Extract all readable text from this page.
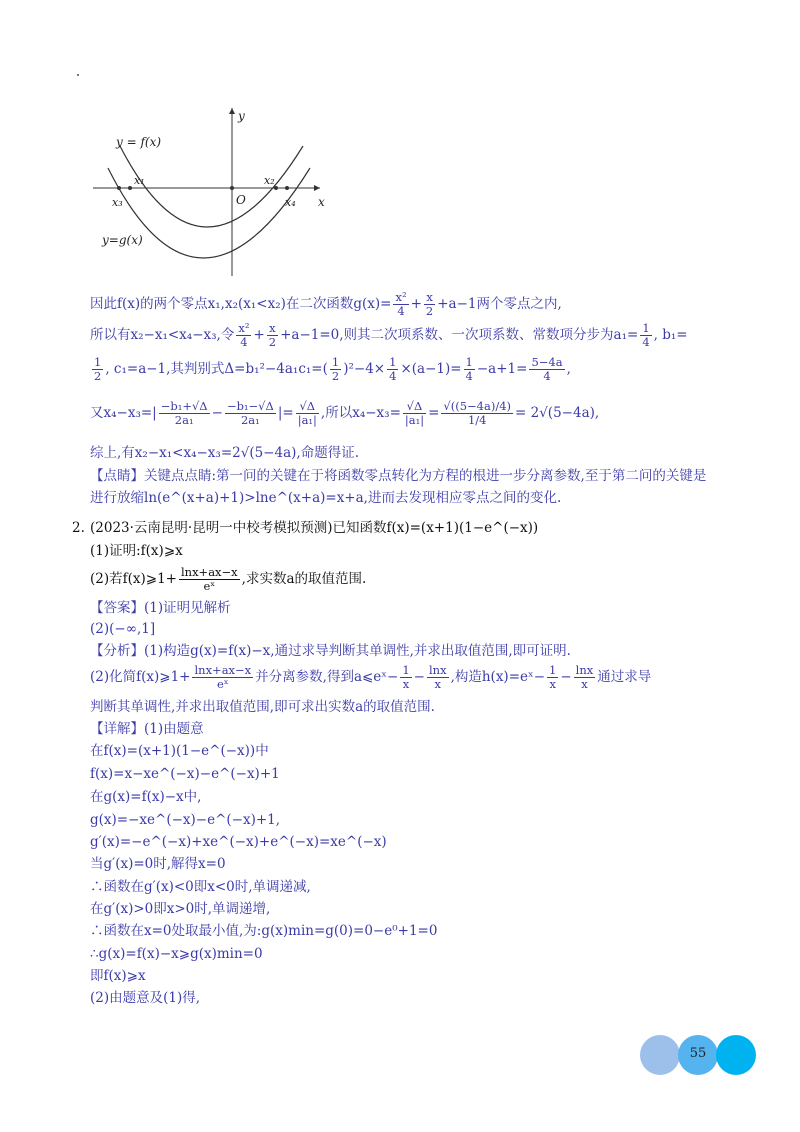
y
x
O
y = f(x)
y=g(x)
x₁	x₂
x₃	x₄
因此f(x)的两个零点x₁,x₂(x₁<x₂)在二次函数$g(x)= \frac{\text{x²}}{4} + \frac{x}{2} +a-1$两个零点之内,
所以有x₂−x₁<x₄−x₃,令 $\frac{\text{x²}}{4} + \frac{x}{2} +a-1=0$,则其二次项系数、一次项系数、常数项分步为$a_1= \frac{1}{4}$ , b₁=
$\frac{1}{2}$ , c₁=a−1,其判别式$\Delta=b_1^2-4a_1c_1=( \frac{1}{2} )^2-4\times \frac{1}{4} \times(a-1)= \frac{1}{4} -a+1= \frac{5-4a}{4}$ ,
又$x_4-x_3=| \frac{\text{−b₁+√Δ}}{\text{2a₁}} - \frac{\text{−b₁−√Δ}}{\text{2a₁}}$ |= $\frac{√\Delta}{\text{|a₁|}}$ ,所以$x_4-x_3= \frac{√\Delta}{\text{|a₁|}} = \frac{√((5-4a)/4)}{1/4} = 2√(5-4a)$,
综上,有x₂−x₁<x₄−x₃=2√(5−4a),命题得证.
【点睛】关键点点睛:第一问的关键在于将函数零点转化为方程的根进一步分离参数,至于第二问的关键是
进行放缩ln(e^(x+a)+1)>lne^(x+a)=x+a,进而去发现相应零点之间的变化.
2. (2023·云南昆明·昆明一中校考模拟预测)已知函数f(x)=(x+1)(1−e^(−x))
(1)证明:f(x)⩾x
(2)若f(x)⩾1+ $\frac{\ln x+ax-x}{\text{eˣ}}$ ,求实数a的取值范围.
【答案】(1)证明见解析
(2)(−∞,1]
【分析】(1)构造g(x)=f(x)−x,通过求导判断其单调性,并求出取值范围,即可证明.
(2)化简f(x)⩾1+ $\frac{\ln x+ax-x}{\text{eˣ}}$ 并分离参数,得到a⩽eˣ− $\frac{1}{x} - \frac{\ln x}{x}$ ,构造h(x)=eˣ− $\frac{1}{x} - \frac{\ln x}{x}$ 通过求导
判断其单调性,并求出取值范围,即可求出实数a的取值范围.
【详解】(1)由题意
在f(x)=(x+1)(1−e^(−x))中
f(x)=x−xe^(−x)−e^(−x)+1
在g(x)=f(x)−x中,
g(x)=−xe^(−x)−e^(−x)+1,
g′(x)=−e^(−x)+xe^(−x)+e^(−x)=xe^(−x)
当g′(x)=0时,解得x=0
∴函数在g′(x)<0即x<0时,单调递减,
在g′(x)>0即x>0时,单调递增,
∴函数在x=0处取最小值,为:g(x)min=g(0)=0−e⁰+1=0
∴g(x)=f(x)−x⩾g(x)min=0
即f(x)⩾x
(2)由题意及(1)得,
55
